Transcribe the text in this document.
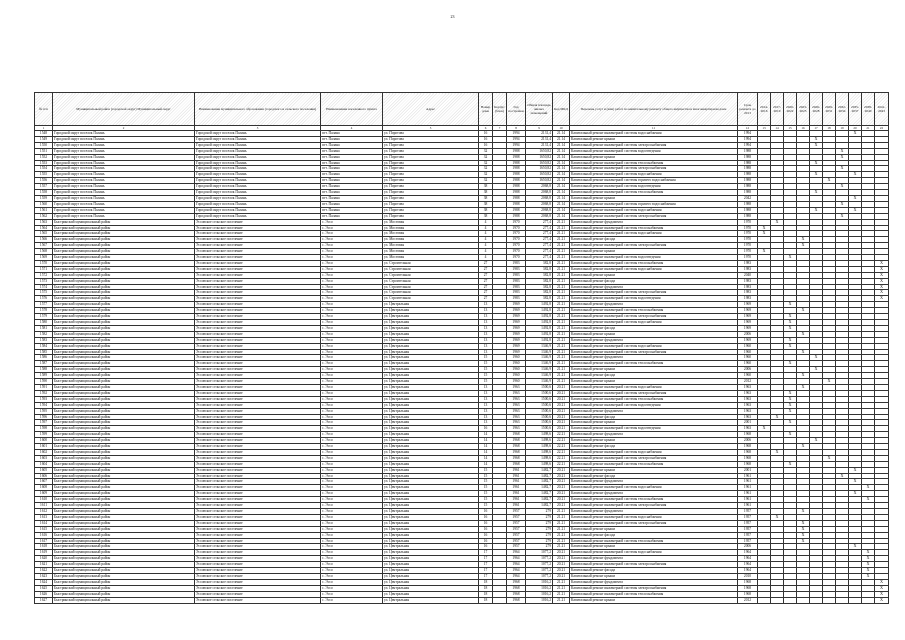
23
№ п/п	Муниципальный район (городской округ) Муниципальный округ	Наименование муниципального образования (городского и сельского поселения)	Наименование населенного пункта	Адрес	Номер дома	Корпус (блок)	Год постройки	Общая площадь жилых помещений	Код МКД	Перечень услуг и (или) работ по капитальному ремонту общего имущества в многоквартирном доме	Срок ремонта до 2013	2014-2016	2017-2019	2020-2022	2023-2025	2026-2028	2029-2031	2032-2034	2035-2037	2038-2040	2041-2043
1	2	3	4	5	6	7	8	9	10	11	12	13	14	15	16	17	18	19	20	21	22
1548	Городской округ поселок Палань	Городской округ поселок Палань	пгт. Палана	ул. Поротова	16		1994	2131,4	21.14	Капитальный ремонт инженерной системы водоснабжения	1994								X		
1549	Городской округ поселок Палань	Городской округ поселок Палань	пгт. Палана	ул. Поротова	16		1994	2131,4	21.14	Капитальный ремонт крыши	1994					X					
1550	Городской округ поселок Палань	Городской округ поселок Палань	пгт. Палана	ул. Поротова	16		1994	2131,4	21.14	Капитальный ремонт инженерной системы электроснабжения	1994					X					
1551	Городской округ поселок Палань	Городской округ поселок Палань	пгт. Палана	ул. Поротова	32		1988	1650,82	21.14	Капитальный ремонт инженерной системы водоотведения	1988							X			
1552	Городской округ поселок Палань	Городской округ поселок Палань	пгт. Палана	ул. Поротова	32		1988	1650,82	21.14	Капитальный ремонт крыши	1988							X			
1553	Городской округ поселок Палань	Городской округ поселок Палань	пгт. Палана	ул. Поротова	32		1988	1650,82	21.14	Капитальный ремонт инженерной системы теплоснабжения	1988					X					
1554	Городской округ поселок Палань	Городской округ поселок Палань	пгт. Палана	ул. Поротова	32		1988	1650,82	21.14	Капитальный ремонт инженерной системы электроснабжения	1988							X			
1555	Городской округ поселок Палань	Городской округ поселок Палань	пгт. Палана	ул. Поротова	32		1988	1650,82	21.14	Капитальный ремонт инженерной системы водоснабжения	1988					X			X		
1556	Городской округ поселок Палань	Городской округ поселок Палань	пгт. Палана	ул. Поротова	32		1988	1650,82	21.14	Капитальный ремонт инженерной системы горячего водоснабжения	1988						X				
1557	Городской округ поселок Палань	Городской округ поселок Палань	пгт. Палана	ул. Поротова	38		1988	2068,8	21.14	Капитальный ремонт инженерной системы водоотведения	1988							X			
1558	Городской округ поселок Палань	Городской округ поселок Палань	пгт. Палана	ул. Поротова	38		1988	2068,8	21.14	Капитальный ремонт инженерной системы теплоснабжения	1988					X					
1559	Городской округ поселок Палань	Городской округ поселок Палань	пгт. Палана	ул. Поротова	38		1988	2068,8	21.14	Капитальный ремонт крыши	2042								X		
1560	Городской округ поселок Палань	Городской округ поселок Палань	пгт. Палана	ул. Поротова	38		1988	2068,8	21.14	Капитальный ремонт инженерной системы горячего водоснабжения	1988							X			
1561	Городской округ поселок Палань	Городской округ поселок Палань	пгт. Палана	ул. Поротова	38		1988	2068,8	21.14	Капитальный ремонт инженерной системы водоснабжения	1988					X			X		
1562	Городской округ поселок Палань	Городской округ поселок Палань	пгт. Палана	ул. Поротова	38		1988	2068,8	21.14	Капитальный ремонт инженерной системы электроснабжения	1988							X			
1563	Быстринский муниципальный район	Эссовское сельское поселение	с. Эссо	ул. Мостовая	4		1970	277,4	21.21	Капитальный ремонт фундамента	1970		X								
1564	Быстринский муниципальный район	Эссовское сельское поселение	с. Эссо	ул. Мостовая	4		1970	277,4	21.21	Капитальный ремонт инженерной системы теплоснабжения	1970	X									
1565	Быстринский муниципальный район	Эссовское сельское поселение	с. Эссо	ул. Мостовая	4		1970	277,4	21.21	Капитальный ремонт инженерной системы водоснабжения	1970	X									
1566	Быстринский муниципальный район	Эссовское сельское поселение	с. Эссо	ул. Мостовая	4		1970	277,4	21.21	Капитальный ремонт фасада	1970				X						
1567	Быстринский муниципальный район	Эссовское сельское поселение	с. Эссо	ул. Мостовая	4		1970	277,4	21.21	Капитальный ремонт инженерной системы электроснабжения	1970				X						
1568	Быстринский муниципальный район	Эссовское сельское поселение	с. Эссо	ул. Мостовая	4		1970	277,4	21.21	Капитальный ремонт крыши	1970	X									
1569	Быстринский муниципальный район	Эссовское сельское поселение	с. Эссо	ул. Мостовая	4		1970	277,4	21.21	Капитальный ремонт инженерной системы водоотведения	1970			X							
1570	Быстринский муниципальный район	Эссовское сельское поселение	с. Эссо	ул. Строительная	27		1983	382,8	21.21	Капитальный ремонт инженерной системы теплоснабжения	1983										X
1571	Быстринский муниципальный район	Эссовское сельское поселение	с. Эссо	ул. Строительная	27		1983	382,8	21.21	Капитальный ремонт инженерной системы водоснабжения	1983										X
1572	Быстринский муниципальный район	Эссовское сельское поселение	с. Эссо	ул. Строительная	27		1983	382,8	21.21	Капитальный ремонт крыши	2040										X
1573	Быстринский муниципальный район	Эссовское сельское поселение	с. Эссо	ул. Строительная	27		1983	382,8	21.21	Капитальный ремонт фасада	1983										X
1574	Быстринский муниципальный район	Эссовское сельское поселение	с. Эссо	ул. Строительная	27		1983	382,8	21.21	Капитальный ремонт фундамента	1983										X
1575	Быстринский муниципальный район	Эссовское сельское поселение	с. Эссо	ул. Строительная	27		1983	382,8	21.21	Капитальный ремонт инженерной системы электроснабжения	1983										X
1576	Быстринский муниципальный район	Эссовское сельское поселение	с. Эссо	ул. Строительная	27		1983	382,8	21.21	Капитальный ремонт инженерной системы водоотведения	1983										X
1577	Быстринский муниципальный район	Эссовское сельское поселение	с. Эссо	ул. Центральная	13		1969	1492,8	21.21	Капитальный ремонт фундамента	1969			X							
1578	Быстринский муниципальный район	Эссовское сельское поселение	с. Эссо	ул. Центральная	13		1969	1492,8	21.21	Капитальный ремонт инженерной системы теплоснабжения	1969				X						
1579	Быстринский муниципальный район	Эссовское сельское поселение	с. Эссо	ул. Центральная	13		1969	1492,8	21.21	Капитальный ремонт инженерной системы электроснабжения	1969			X							
1580	Быстринский муниципальный район	Эссовское сельское поселение	с. Эссо	ул. Центральная	13		1969	1492,8	21.21	Капитальный ремонт инженерной системы водоснабжения	1969			X							
1581	Быстринский муниципальный район	Эссовское сельское поселение	с. Эссо	ул. Центральная	13		1969	1492,8	21.21	Капитальный ремонт фасада	1969			X							
1582	Быстринский муниципальный район	Эссовское сельское поселение	с. Эссо	ул. Центральная	13		1969	1492,8	21.21	Капитальный ремонт крыши	2006				X						
1583	Быстринский муниципальный район	Эссовское сельское поселение	с. Эссо	ул. Центральная	13		1969	1492,8	21.21	Капитальный ремонт фундамента	1969			X							
1584	Быстринский муниципальный район	Эссовское сельское поселение	с. Эссо	ул. Центральная	13		1969	1346,9	21.21	Капитальный ремонт инженерной системы водоснабжения	1960			X							
1585	Быстринский муниципальный район	Эссовское сельское поселение	с. Эссо	ул. Центральная	13		1969	1346,9	21.21	Капитальный ремонт инженерной системы электроснабжения	1960				X						
1586	Быстринский муниципальный район	Эссовское сельское поселение	с. Эссо	ул. Центральная	15		1960	1346,9	21.21	Капитальный ремонт фундамента	1960					X					
1587	Быстринский муниципальный район	Эссовское сельское поселение	с. Эссо	ул. Центральная	15		1960	1346,9	21.21	Капитальный ремонт инженерной системы теплоснабжения	1960			X							
1588	Быстринский муниципальный район	Эссовское сельское поселение	с. Эссо	ул. Центральная	15		1960	1346,9	21.21	Капитальный ремонт крыши	2006					X					
1589	Быстринский муниципальный район	Эссовское сельское поселение	с. Эссо	ул. Центральная	15		1960	1346,9	21.21	Капитальный ремонт фасада	1960				X						
1590	Быстринский муниципальный район	Эссовское сельское поселение	с. Эссо	ул. Центральная	15		1960	1346,9	21.21	Капитальный ремонт крыши	2012						X				
1591	Быстринский муниципальный район	Эссовское сельское поселение	с. Эссо	ул. Центральная	13		1963	1500,6	20.21	Капитальный ремонт инженерной системы водоснабжения	1963				X						
1592	Быстринский муниципальный район	Эссовское сельское поселение	с. Эссо	ул. Центральная	13		1963	1500,6	20.21	Капитальный ремонт инженерной системы электроснабжения	1963			X							
1593	Быстринский муниципальный район	Эссовское сельское поселение	с. Эссо	ул. Центральная	13		1963	1500,6	20.21	Капитальный ремонт инженерной системы теплоснабжения	1963			X							
1594	Быстринский муниципальный район	Эссовское сельское поселение	с. Эссо	ул. Центральная	13		1963	1500,6	20.21	Капитальный ремонт инженерной системы водоотведения	1963			X							
1595	Быстринский муниципальный район	Эссовское сельское поселение	с. Эссо	ул. Центральная	13		1963	1500,6	20.21	Капитальный ремонт фундамента	1963			X							
1596	Быстринский муниципальный район	Эссовское сельское поселение	с. Эссо	ул. Центральная	13		1963	1500,6	20.21	Капитальный ремонт фасада	1963		X								
1597	Быстринский муниципальный район	Эссовское сельское поселение	с. Эссо	ул. Центральная	13		1963	1500,6	20.21	Капитальный ремонт крыши	2001			X							
1598	Быстринский муниципальный район	Эссовское сельское поселение	с. Эссо	ул. Центральная	16		1963	1500,6	20.21	Капитальный ремонт инженерной системы водоотведения	1963	X									
1599	Быстринский муниципальный район	Эссовское сельское поселение	с. Эссо	ул. Центральная	14		1968	1498,6	22.21	Капитальный ремонт фундамента	1968			X							
1600	Быстринский муниципальный район	Эссовское сельское поселение	с. Эссо	ул. Центральная	14		1968	1498,6	22.21	Капитальный ремонт крыши	2006					X					
1601	Быстринский муниципальный район	Эссовское сельское поселение	с. Эссо	ул. Центральная	14		1968	1498,6	22.21	Капитальный ремонт фасада	1968				X						
1602	Быстринский муниципальный район	Эссовское сельское поселение	с. Эссо	ул. Центральная	14		1968	1498,6	22.21	Капитальный ремонт инженерной системы водоснабжения	1968		X								
1603	Быстринский муниципальный район	Эссовское сельское поселение	с. Эссо	ул. Центральная	14		1968	1498,6	22.21	Капитальный ремонт инженерной системы электроснабжения	1968						X				
1604	Быстринский муниципальный район	Эссовское сельское поселение	с. Эссо	ул. Центральная	14		1968	1498,6	22.21	Капитальный ремонт инженерной системы теплоснабжения	1968			X							
1605	Быстринский муниципальный район	Эссовское сельское поселение	с. Эссо	ул. Центральная	15		1961	1482,7	20.21	Капитальный ремонт крыши	2001								X		
1606	Быстринский муниципальный район	Эссовское сельское поселение	с. Эссо	ул. Центральная	15		1961	1482,7	20.21	Капитальный ремонт фасада	1961							X			
1607	Быстринский муниципальный район	Эссовское сельское поселение	с. Эссо	ул. Центральная	15		1961	1482,7	20.21	Капитальный ремонт фундамента	1961								X		
1608	Быстринский муниципальный район	Эссовское сельское поселение	с. Эссо	ул. Центральная	15		1961	1482,7	20.21	Капитальный ремонт инженерной системы водоснабжения	1961									X	
1609	Быстринский муниципальный район	Эссовское сельское поселение	с. Эссо	ул. Центральная	15		1961	1482,7	20.21	Капитальный ремонт фундамента	1961								X		
1610	Быстринский муниципальный район	Эссовское сельское поселение	с. Эссо	ул. Центральная	15		1961	1482,7	20.21	Капитальный ремонт инженерной системы теплоснабжения	1961									X	
1611	Быстринский муниципальный район	Эссовское сельское поселение	с. Эссо	ул. Центральная	15		1961	1482,7	20.21	Капитальный ремонт инженерной системы электроснабжения	1961										
1612	Быстринский муниципальный район	Эссовское сельское поселение	с. Эссо	ул. Центральная	16		1957	279	21.21	Капитальный ремонт фундамента	1957				X						
1613	Быстринский муниципальный район	Эссовское сельское поселение	с. Эссо	ул. Центральная	16		1957	279	21.21	Капитальный ремонт инженерной системы водоснабжения	1957		X								
1614	Быстринский муниципальный район	Эссовское сельское поселение	с. Эссо	ул. Центральная	16		1957	279	21.21	Капитальный ремонт инженерной системы электроснабжения	1957				X						
1615	Быстринский муниципальный район	Эссовское сельское поселение	с. Эссо	ул. Центральная	16		1957	279	21.21	Капитальный ремонт крыши	1957				X						
1616	Быстринский муниципальный район	Эссовское сельское поселение	с. Эссо	ул. Центральная	16		1957	279	21.21	Капитальный ремонт фасада	1957				X						
1617	Быстринский муниципальный район	Эссовское сельское поселение	с. Эссо	ул. Центральная	16		1957	279	21.21	Капитальный ремонт инженерной системы теплоснабжения	1957				X						
1618	Быстринский муниципальный район	Эссовское сельское поселение	с. Эссо	ул. Центральная	16		1957	279	21.21	Капитальный ремонт крыши	2006								X		
1619	Быстринский муниципальный район	Эссовское сельское поселение	с. Эссо	ул. Центральная	17		1964	1077,2	20.21	Капитальный ремонт инженерной системы водоснабжения	1964									X	
1620	Быстринский муниципальный район	Эссовское сельское поселение	с. Эссо	ул. Центральная	17		1964	1077,2	20.21	Капитальный ремонт фундамента	1964									X	
1621	Быстринский муниципальный район	Эссовское сельское поселение	с. Эссо	ул. Центральная	17		1964	1077,2	20.21	Капитальный ремонт инженерной системы электроснабжения	1964									X	
1622	Быстринский муниципальный район	Эссовское сельское поселение	с. Эссо	ул. Центральная	17		1964	1077,2	20.21	Капитальный ремонт фасада	1964									X	
1623	Быстринский муниципальный район	Эссовское сельское поселение	с. Эссо	ул. Центральная	17		1964	1077,2	20.21	Капитальный ремонт крыши	2010									X	
1624	Быстринский муниципальный район	Эссовское сельское поселение	с. Эссо	ул. Центральная	18		1968	1016,2	21.21	Капитальный ремонт фундамента	1968										X
1625	Быстринский муниципальный район	Эссовское сельское поселение	с. Эссо	ул. Центральная	18		1968	1016,2	21.21	Капитальный ремонт инженерной системы электроснабжения	1968										X
1626	Быстринский муниципальный район	Эссовское сельское поселение	с. Эссо	ул. Центральная	18		1968	1016,2	21.21	Капитальный ремонт инженерной системы теплоснабжения	1968										X
1627	Быстринский муниципальный район	Эссовское сельское поселение	с. Эссо	ул. Центральная	18		1968	1016,2	21.21	Капитальный ремонт крыши	2012										X
